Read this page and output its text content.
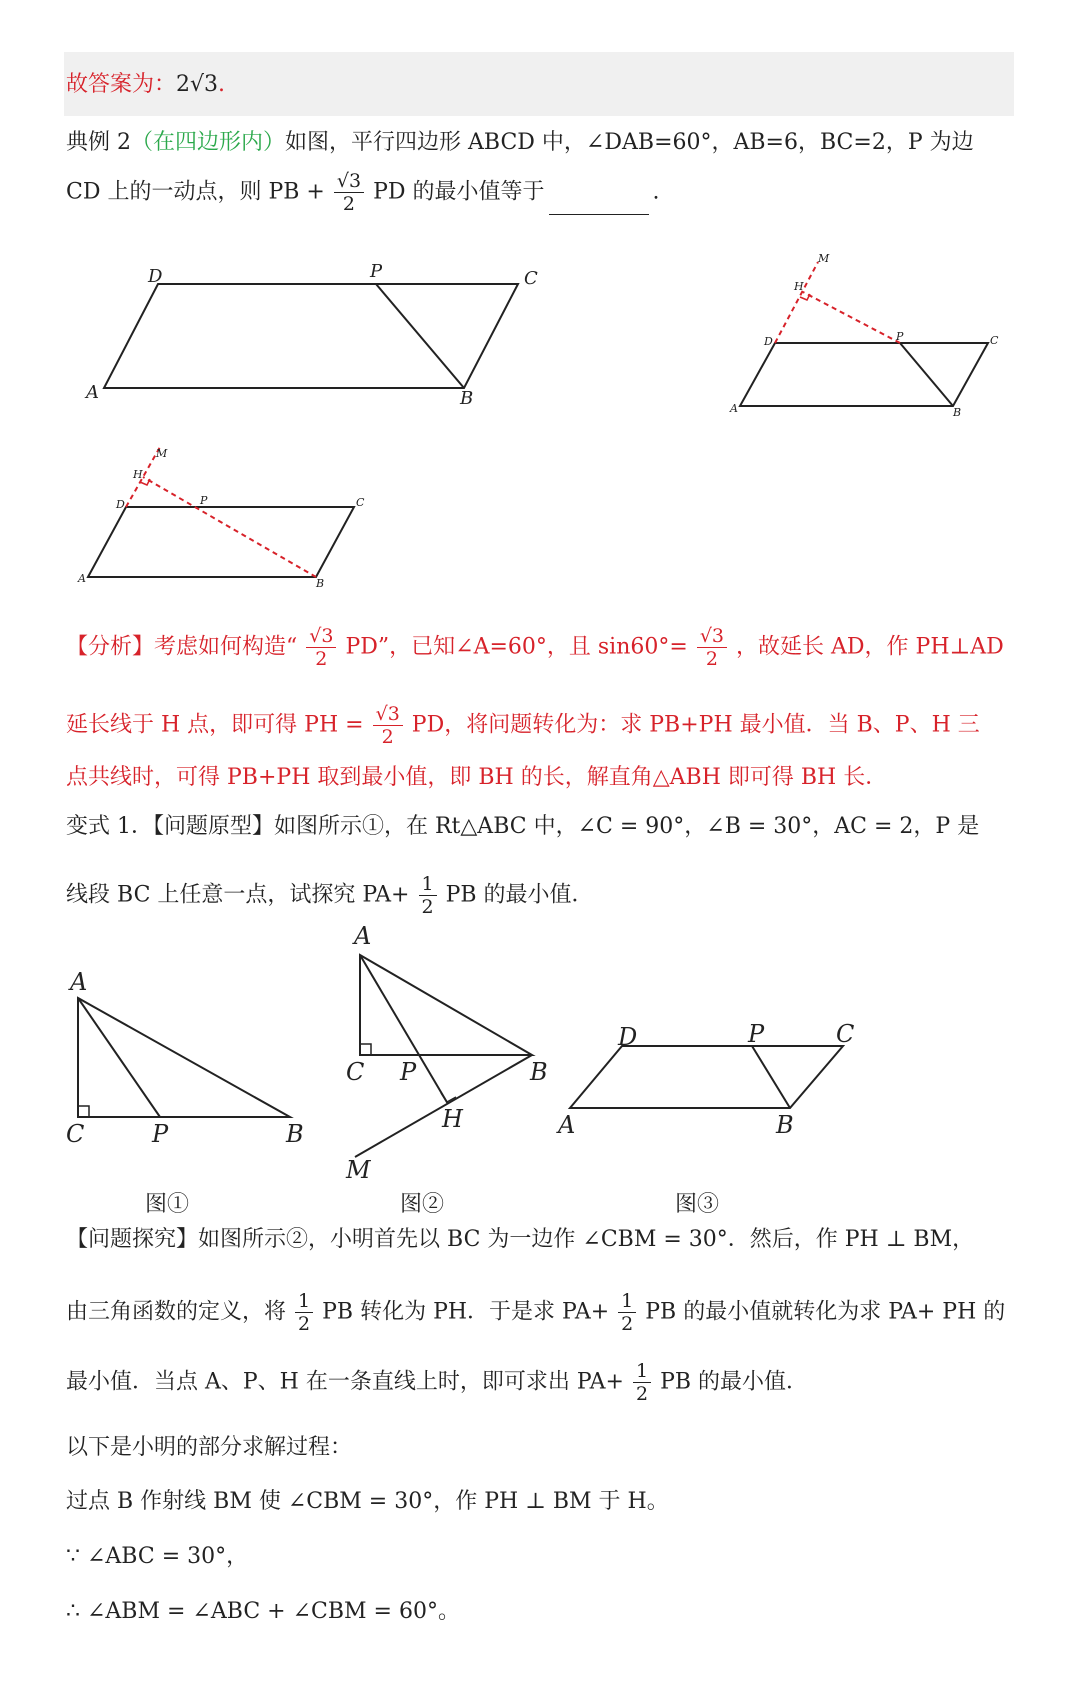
故答案为：2√3.
典例 2（在四边形内）如图，平行四边形 ABCD 中，∠DAB=60°，AB=6，BC=2，P 为边
CD 上的一动点，则 PB + $\frac{√3}{2}$ PD 的最小值等于	.
【分析】考虑如何构造“ $\frac{√3}{2}$ PD”，已知∠A=60°，且 $\sin 60^\circ= \frac{√3}{2}$ ，故延长 AD，作 PH⊥AD
延长线于 H 点，即可得 PH = $\frac{√3}{2}$ PD，将问题转化为：求 PB+PH 最小值．当 B、P、H 三
点共线时，可得 PB+PH 取到最小值，即 BH 的长，解直角△ABH 即可得 BH 长．
变式 1．【问题原型】如图所示①，在 Rt△ABC 中，∠C = 90°，∠B = 30°，AC = 2，P 是
线段 BC 上任意一点，试探究 $PA+ \frac{1}{2}$ PB 的最小值．
图①	图②	图③
【问题探究】如图所示②，小明首先以 BC 为一边作 ∠CBM = 30°．然后，作 PH ⊥ BM，
由三角函数的定义，将 $\frac{1}{2}$ PB 转化为 PH．于是求 $PA+ \frac{1}{2}$ PB 的最小值就转化为求 PA+ PH 的
最小值．当点 A、P、H 在一条直线上时，即可求出 $PA+ \frac{1}{2}$ PB 的最小值．
以下是小明的部分求解过程：
过点 B 作射线 BM 使 ∠CBM = 30°，作 PH ⊥ BM 于 H。
∵ ∠ABC = 30°，
∴ ∠ABM = ∠ABC + ∠CBM = 60°。
D	P	C
A	B
M
H
D	P	C
A	B
M
H
D	P	C
A	B
A
C	P	B
A
C P	B
H
M
D	P	C
A	B
